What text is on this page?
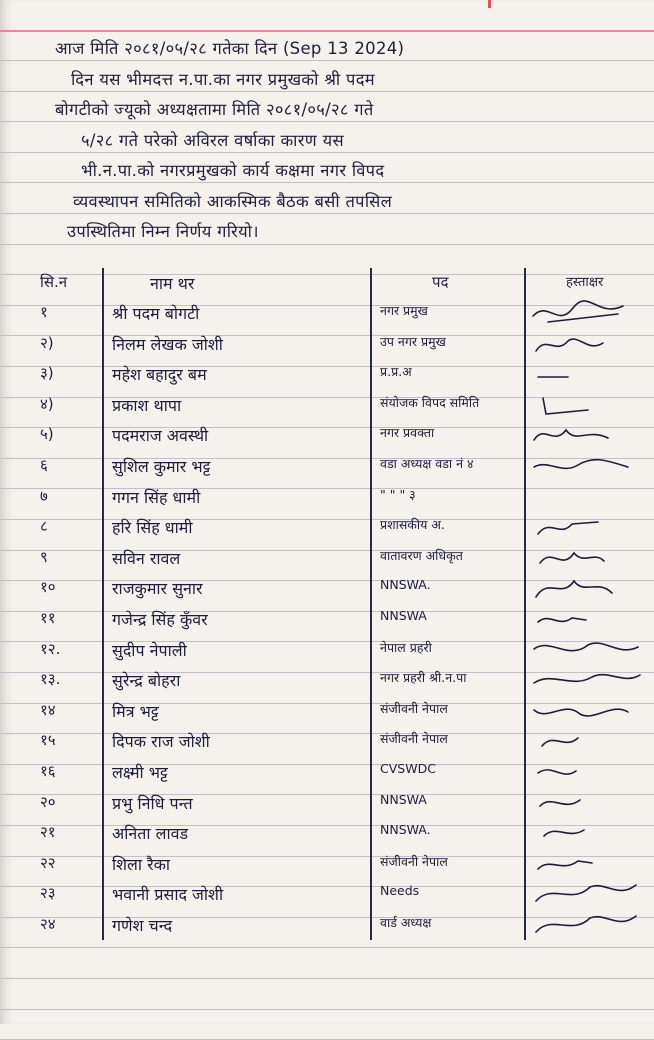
आज मिति २०८१/०५/२८ गतेका दिन (Sep 13 2024)

दिन यस भीमदत्त न.पा.का नगर प्रमुखको श्री पदम

बोगटीको ज्यूको अध्यक्षतामा मिति २०८१/०५/२८ गते

५/२८ गते परेको अविरल वर्षाका कारण यस

भी.न.पा.को नगरप्रमुखको कार्य कक्षमा नगर विपद

व्यवस्थापन समितिको आकस्मिक बैठक बसी तपसिल

उपस्थितिमा निम्न निर्णय गरियो।

सि.न	नाम थर	पद	हस्ताक्षर
१	श्री पदम बोगटी	नगर प्रमुख
२)	निलम लेखक जोशी	उप नगर प्रमुख
३)	महेश बहादुर बम	प्र.प्र.अ
४)	प्रकाश थापा	संयोजक विपद समिति
५)	पदमराज अवस्थी	नगर प्रवक्ता
६	सुशिल कुमार भट्ट	वडा अध्यक्ष वडा नं ४
७	गगन सिंह धामी	" " " ३
८	हरि सिंह धामी	प्रशासकीय अ.
९	सविन रावल	वातावरण अधिकृत
१०	राजकुमार सुनार	NNSWA.
११	गजेन्द्र सिंह कुँवर	NNSWA
१२.	सुदीप नेपाली	नेपाल प्रहरी
१३.	सुरेन्द्र बोहरा	नगर प्रहरी श्री.न.पा
१४	मित्र भट्ट	संजीवनी नेपाल
१५	दिपक राज जोशी	संजीवनी नेपाल
१६	लक्ष्मी भट्ट	CVSWDC
२०	प्रभु निधि पन्त	NNSWA
२१	अनिता लावड	NNSWA.
२२	शिला रैका	संजीवनी नेपाल
२३	भवानी प्रसाद जोशी	Needs
२४	गणेश चन्द	वार्ड अध्यक्ष
